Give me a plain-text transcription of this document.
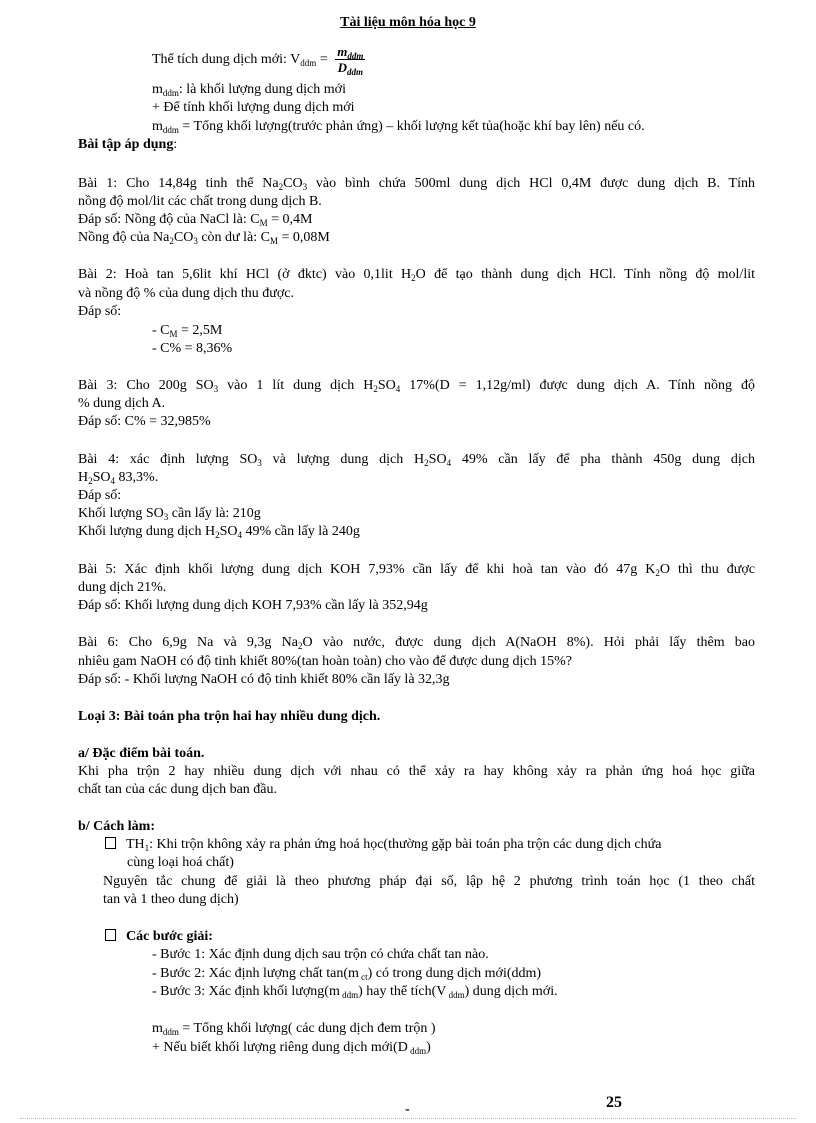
Tài liệu môn hóa học 9
Thể tích dung dịch mới: $V_{ddm} = \frac{m_{ddm}}{D_{ddm}}$
$m_{ddm}$: là khối lượng dung dịch mới
+ Để tính khối lượng dung dịch mới
$m_{ddm}$ = Tổng khối lượng(trước phản ứng) – khối lượng kết tủa(hoặc khí bay lên) nếu có.
Bài tập áp dụng:
Bài 1: Cho 14,84g tinh thể $Na_2CO_3$ vào bình chứa 500ml dung dịch HCl 0,4M được dung dịch B. Tính
nồng độ mol/lit các chất trong dung dịch B.
Đáp số: Nồng độ của NaCl là: $C_M = 0,4M$
Nồng độ của $Na_2CO_3$ còn dư là: $C_M = 0,08M$
Bài 2: Hoà tan 5,6lit khí HCl (ở đktc) vào 0,1lit $H_2O$ để tạo thành dung dịch HCl. Tính nồng độ mol/lit
và nồng độ % của dung dịch thu được.
Đáp số:
- $C_M = 2,5M$
- C% = 8,36%
Bài 3: Cho 200g $SO_3$ vào 1 lít dung dịch $H_2SO_4$ 17%(D = 1,12g/ml) được dung dịch A. Tính nồng độ
% dung dịch A.
Đáp số: C% = 32,985%
Bài 4: xác định lượng $SO_3$ và lượng dung dịch $H_2SO_4$ 49% cần lấy để pha thành 450g dung dịch
$H_2SO_4$ 83,3%.
Đáp số:
Khối lượng $SO_3$ cần lấy là: 210g
Khối lượng dung dịch $H_2SO_4$ 49% cần lấy là 240g
Bài 5: Xác định khối lượng dung dịch KOH 7,93% cần lấy để khi hoà tan vào đó 47g $K_2O$ thì thu được
dung dịch 21%.
Đáp số: Khối lượng dung dịch KOH 7,93% cần lấy là 352,94g
Bài 6: Cho 6,9g Na và 9,3g $Na_2O$ vào nước, được dung dịch A(NaOH 8%). Hỏi phải lấy thêm bao
nhiêu gam NaOH có độ tinh khiết 80%(tan hoàn toàn) cho vào để được dung dịch 15%?
Đáp số: - Khối lượng NaOH có độ tinh khiết 80% cần lấy là 32,3g
Loại 3: Bài toán pha trộn hai hay nhiều dung dịch.
a/ Đặc điểm bài toán.
Khi pha trộn 2 hay nhiều dung dịch với nhau có thể xảy ra hay không xảy ra phản ứng hoá học giữa
chất tan của các dung dịch ban đầu.
b/ Cách làm:
$TH_1$: Khi trộn không xảy ra phản ứng hoá học(thường gặp bài toán pha trộn các dung dịch chứa
cùng loại hoá chất)
Nguyên tắc chung để giải là theo phương pháp đại số, lập hệ 2 phương trình toán học (1 theo chất
tan và 1 theo dung dịch)
Các bước giải:
- Bước 1: Xác định dung dịch sau trộn có chứa chất tan nào.
- Bước 2: Xác định lượng chất tan(m $_{ct}$) có trong dung dịch mới(ddm)
- Bước 3: Xác định khối lượng(m $_{ddm}$) hay thể tích(V $_{ddm}$) dung dịch mới.
$m_{ddm}$ = Tổng khối lượng( các dung dịch đem trộn )
+ Nếu biết khối lượng riêng dung dịch mới(D $_{ddm}$)
25
-
